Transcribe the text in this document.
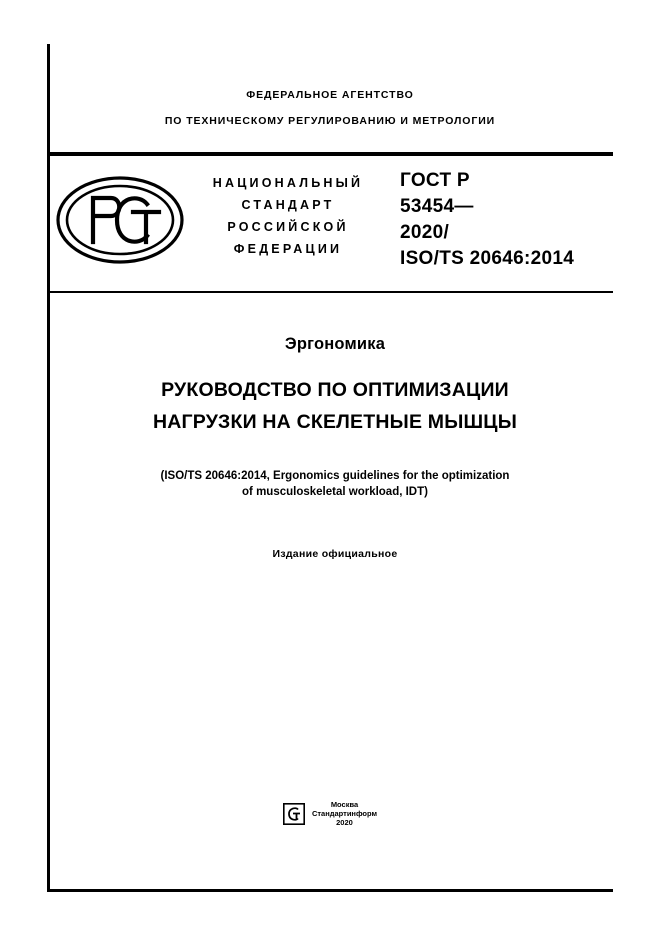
ФЕДЕРАЛЬНОЕ АГЕНТСТВО
ПО ТЕХНИЧЕСКОМУ РЕГУЛИРОВАНИЮ И МЕТРОЛОГИИ
НАЦИОНАЛЬНЫЙ
СТАНДАРТ
РОССИЙСКОЙ
ФЕДЕРАЦИИ
ГОСТ Р
53454—
2020/
ISO/TS 20646:2014
Эргономика
РУКОВОДСТВО ПО ОПТИМИЗАЦИИ
НАГРУЗКИ НА СКЕЛЕТНЫЕ МЫШЦЫ
(ISO/TS 20646:2014, Ergonomics guidelines for the optimization
of musculoskeletal workload, IDT)
Издание официальное
Москва
Стандартинформ
2020
